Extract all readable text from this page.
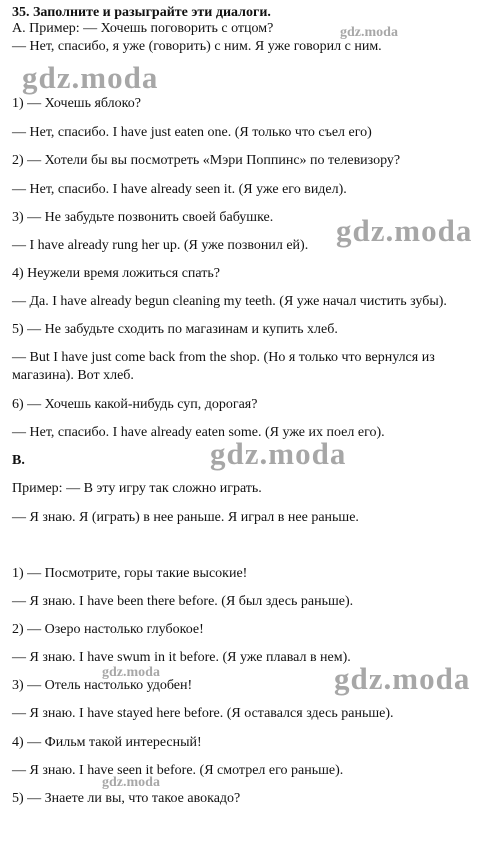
35. Заполните и разыграйте эти диалоги.
A. Пример: — Хочешь поговорить с отцом?
— Нет, спасибо, я уже (говорить) с ним. Я уже говорил с ним.
1) — Хочешь яблоко?
— Нет, спасибо. I have just eaten one. (Я только что съел его)
2) — Хотели бы вы посмотреть «Мэри Поппинс» по телевизору?
— Нет, спасибо. I have already seen it. (Я уже его видел).
3) — Не забудьте позвонить своей бабушке.
— I have already rung her up. (Я уже позвонил ей).
4) Неужели время ложиться спать?
— Да. I have already begun cleaning my teeth. (Я уже начал чистить зубы).
5) — Не забудьте сходить по магазинам и купить хлеб.
— But I have just come back from the shop. (Но я только что вернулся из
магазина). Вот хлеб.
6) — Хочешь какой-нибудь суп, дорогая?
— Нет, спасибо. I have already eaten some. (Я уже их поел его).
B.
Пример: — В эту игру так сложно играть.
— Я знаю. Я (играть) в нее раньше. Я играл в нее раньше.
1) — Посмотрите, горы такие высокие!
— Я знаю. I have been there before. (Я был здесь раньше).
2) — Озеро настолько глубокое!
— Я знаю. I have swum in it before. (Я уже плавал в нем).
3) — Отель настолько удобен!
— Я знаю. I have stayed here before. (Я оставался здесь раньше).
4) — Фильм такой интересный!
— Я знаю. I have seen it before. (Я смотрел его раньше).
5) — Знаете ли вы, что такое авокадо?
gdz.moda
gdz.moda
gdz.moda
gdz.moda
gdz.moda	gdz.moda
gdz.moda
